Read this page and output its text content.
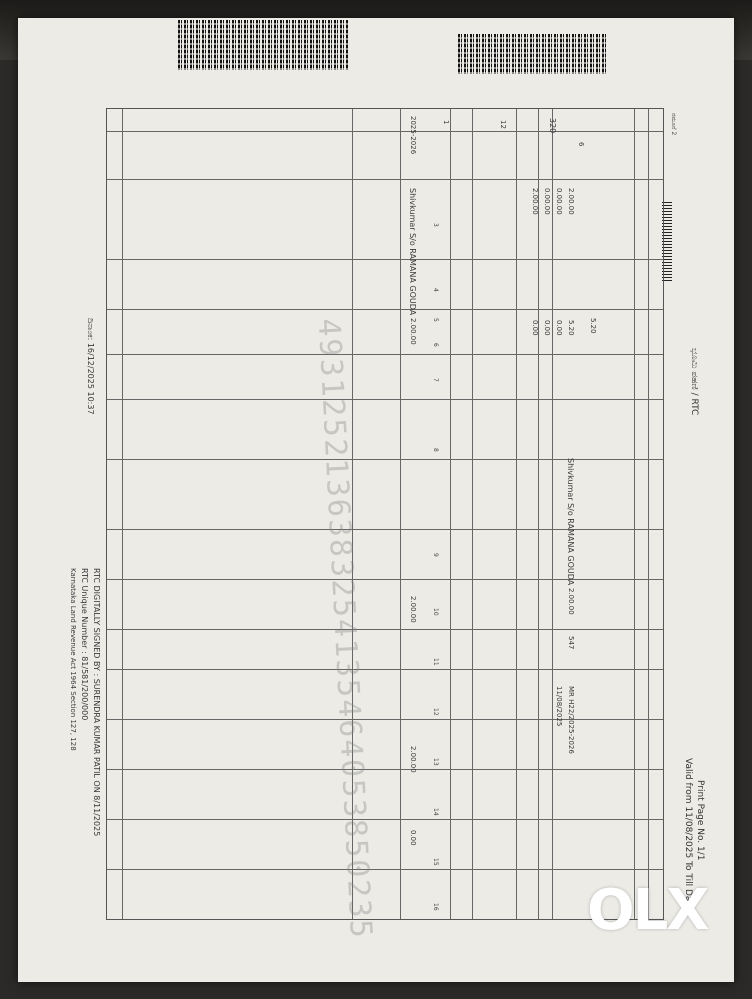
ಭೂಮಿ ಪಹಣಿ / RTC
Print Page No. 1/1
Valid from 11/08/2025 To Till Date
ನಮೂನೆ 2
320
2.00.00
0.00.00
0.00.00
2.00.00
5.20
0.00
0.00
0.00
6
5.20
Shivkumar S/o RAMANA GOUDA
2.00.00
547
MR H22/2025-2026
11/08/2025
1	12
2025-2026
Shivkumar S/o RAMANA GOUDA
2.00.00
2.00.00
2.00.00
0.00
3
4
5
6
7
8
9
10
11
12
13
14
15
16
4931252136383254135464053850235
RTC DIGITALLY SIGNED BY : SURENDRA KUMAR PATIL ON 8/11/2025
RTC Unique Number : 81/581/200/000
Karnataka Land Revenue Act 1964 Section 127, 128
ದಿನಾಂಕ: 16/12/2025 10:37
OLX
